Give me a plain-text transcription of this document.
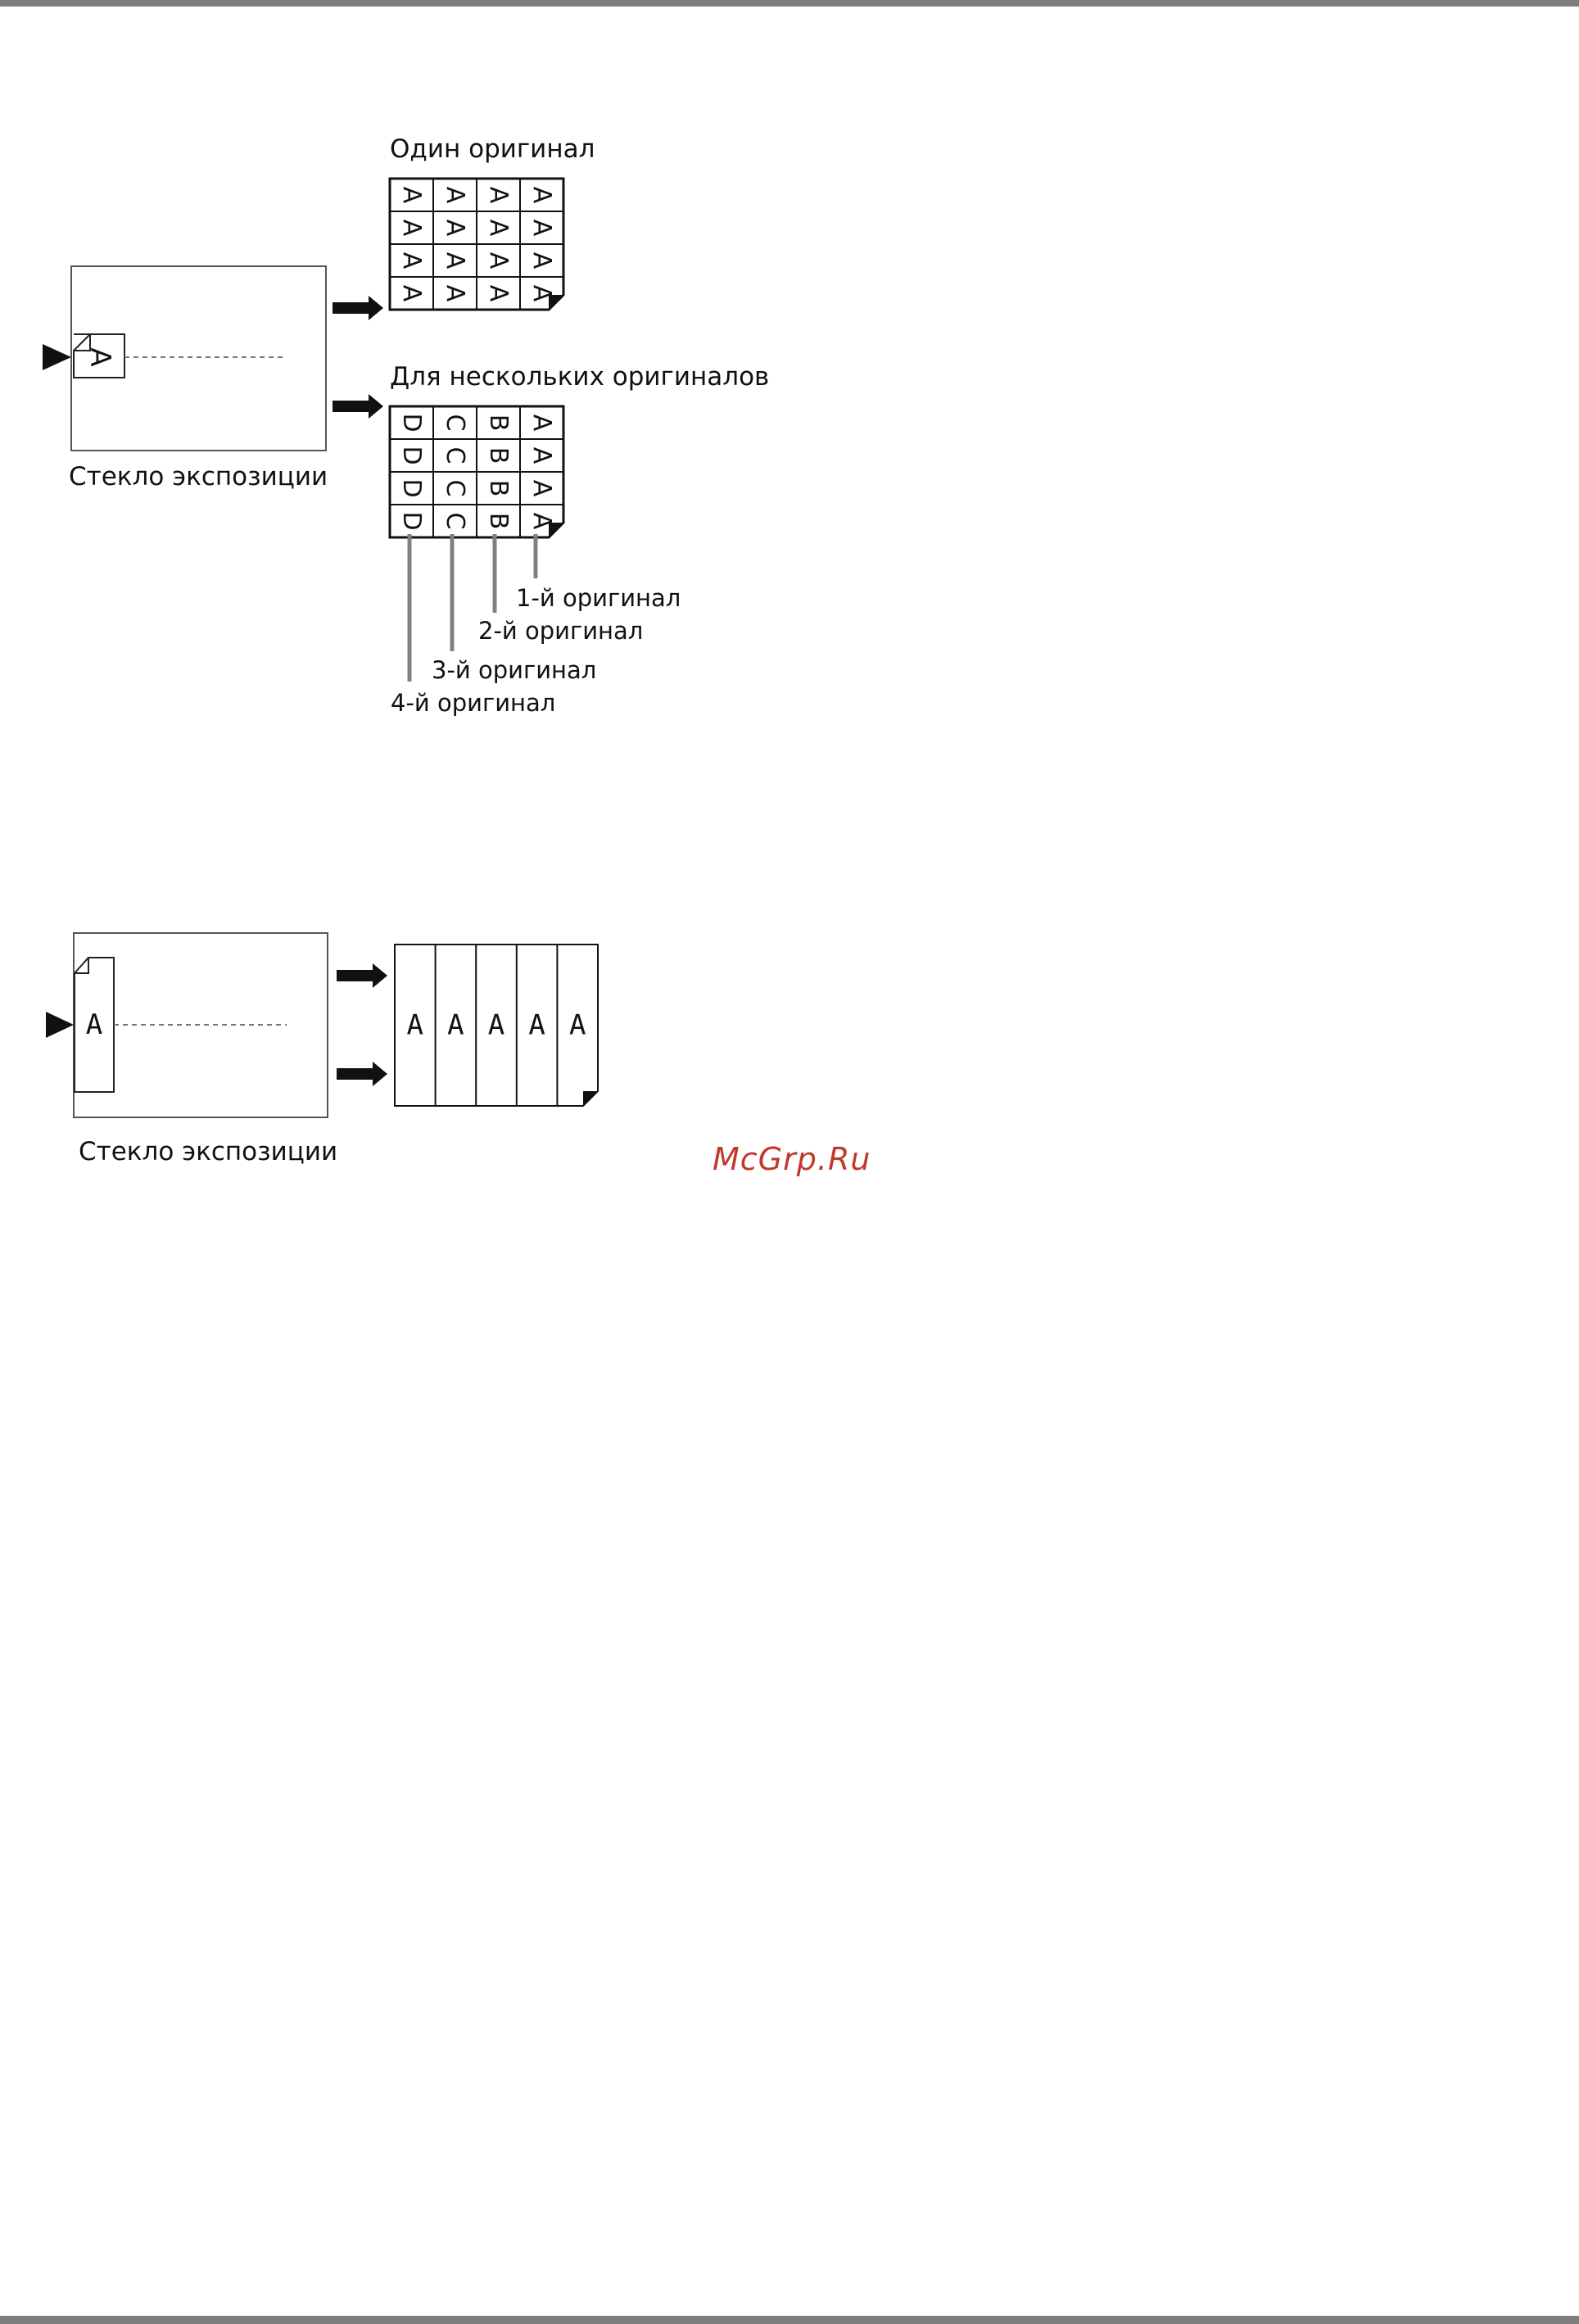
A
Стекло экспозиции
Один оригинал
A A A A
A A A A
A A A A
A A A A
Для нескольких оригиналов
D C B A
D C B A
D C B A
D C B A
1-й оригинал
2-й оригинал
3-й оригинал
4-й оригинал
A
Стекло экспозиции
A A A A A
McGrp.Ru
